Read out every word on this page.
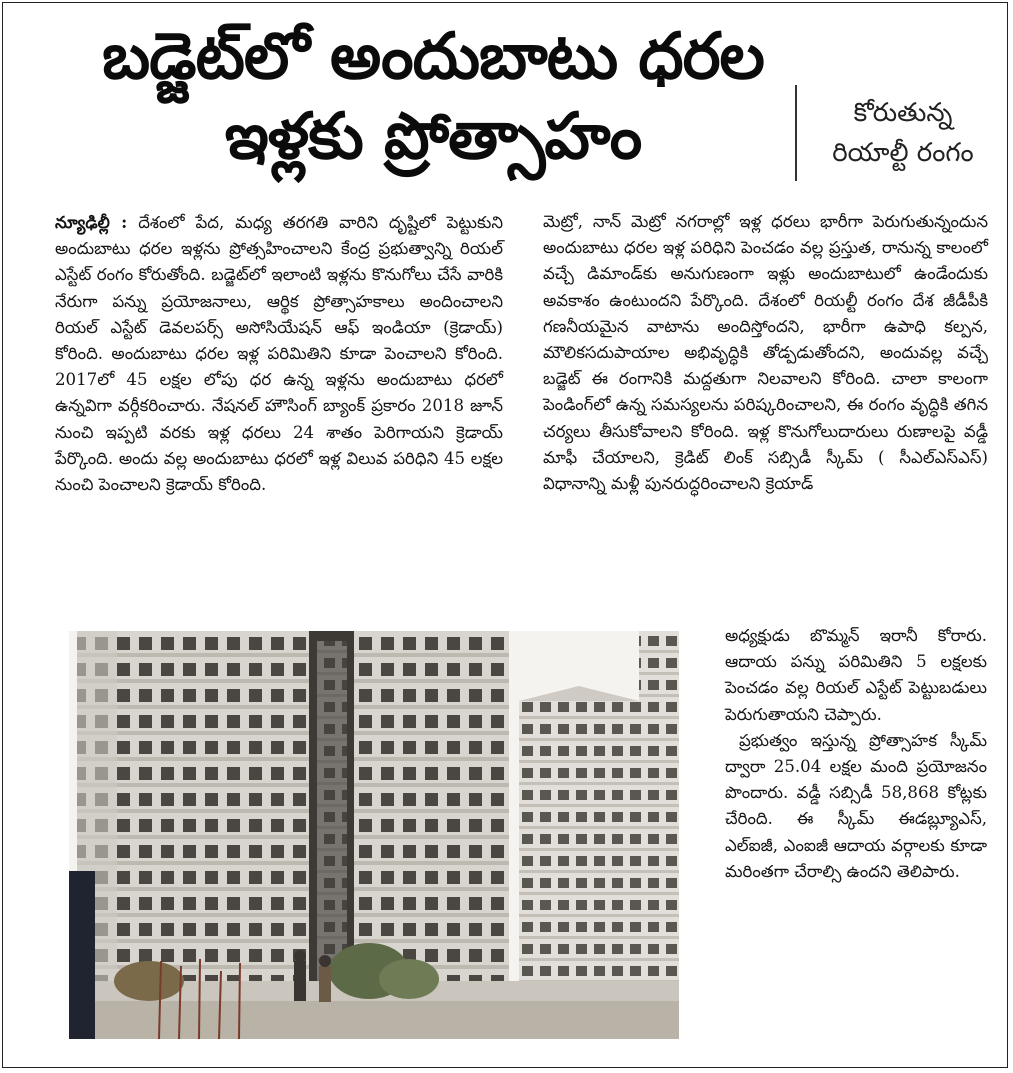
బడ్జెట్‌లో అందుబాటు ధరల
ఇళ్లకు ప్రోత్సాహం	కోరుతున్న
రియాల్టీ రంగం

న్యూఢిల్లీ : దేశంలో పేద, మధ్య తరగతి వారిని దృష్టిలో పెట్టుకుని అందుబాటు ధరల ఇళ్లను ప్రోత్సహించాలని కేంద్ర ప్రభుత్వాన్ని రియల్ ఎస్టేట్ రంగం కోరుతోంది. బడ్జెట్‌లో ఇలాంటి ఇళ్లను కొనుగోలు చేసే వారికి నేరుగా పన్ను ప్రయోజనాలు, ఆర్థిక ప్రోత్సాహకాలు అందించాలని రియల్ ఎస్టేట్ డెవలపర్స్ అసోసియేషన్ ఆఫ్ ఇండియా (క్రెడాయ్) కోరింది. అందుబాటు ధరల ఇళ్ల పరిమితిని కూడా పెంచాలని కోరింది. 2017లో 45 లక్షల లోపు ధర ఉన్న ఇళ్లను అందుబాటు ధరలో ఉన్నవిగా వర్గీకరించారు. నేషనల్ హౌసింగ్ బ్యాంక్ ప్రకారం 2018 జూన్ నుంచి ఇప్పటి వరకు ఇళ్ల ధరలు 24 శాతం పెరిగాయని క్రెడాయ్ పేర్కొంది. అందు వల్ల అందుబాటు ధరలో ఇళ్ల విలువ పరిధిని 45 లక్షల నుంచి పెంచాలని క్రెడాయ్ కోరింది.

మెట్రో, నాన్ మెట్రో నగరాల్లో ఇళ్ల ధరలు భారీగా పెరుగుతున్నందున అందుబాటు ధరల ఇళ్ల పరిధిని పెంచడం వల్ల ప్రస్తుత, రానున్న కాలంలో వచ్చే డిమాండ్‌కు అనుగుణంగా ఇళ్లు అందుబాటులో ఉండేందుకు అవకాశం ఉంటుందని పేర్కొంది. దేశంలో రియల్టీ రంగం దేశ జీడీపీకి గణనీయమైన వాటాను అందిస్తోందని, భారీగా ఉపాధి కల్పన, మౌలికసదుపాయాల అభివృద్ధికి తోడ్పడుతోందని, అందువల్ల వచ్చే బడ్జెట్ ఈ రంగానికి మద్దతుగా నిలవాలని కోరింది. చాలా కాలంగా పెండింగ్‌లో ఉన్న సమస్యలను పరిష్కరించాలని, ఈ రంగం వృద్ధికి తగిన చర్యలు తీసుకోవాలని కోరింది. ఇళ్ల కొనుగోలుదారులు రుణాలపై వడ్డీ మాఫీ చేయాలని, క్రెడిట్ లింక్ సబ్సిడీ స్కీమ్ ( సీఎల్ఎస్ఎస్) విధానాన్ని మళ్లీ పునరుద్ధరించాలని క్రెయాడ్

అధ్యక్షుడు బొమ్మన్ ఇరానీ కోరారు. ఆదాయ పన్ను పరిమితిని 5 లక్షలకు పెంచడం వల్ల రియల్ ఎస్టేట్ పెట్టుబడులు పెరుగుతాయని చెప్పారు.

ప్రభుత్వం ఇస్తున్న ప్రోత్సాహక స్కీమ్ ద్వారా 25.04 లక్షల మంది ప్రయోజనం పొందారు. వడ్డీ సబ్సిడీ 58,868 కోట్లకు చేరింది. ఈ స్కీమ్ ఈడబ్ల్యూఎస్, ఎల్ఐజీ, ఎంఐజీ ఆదాయ వర్గాలకు కూడా మరింతగా చేరాల్సి ఉందని తెలిపారు.
